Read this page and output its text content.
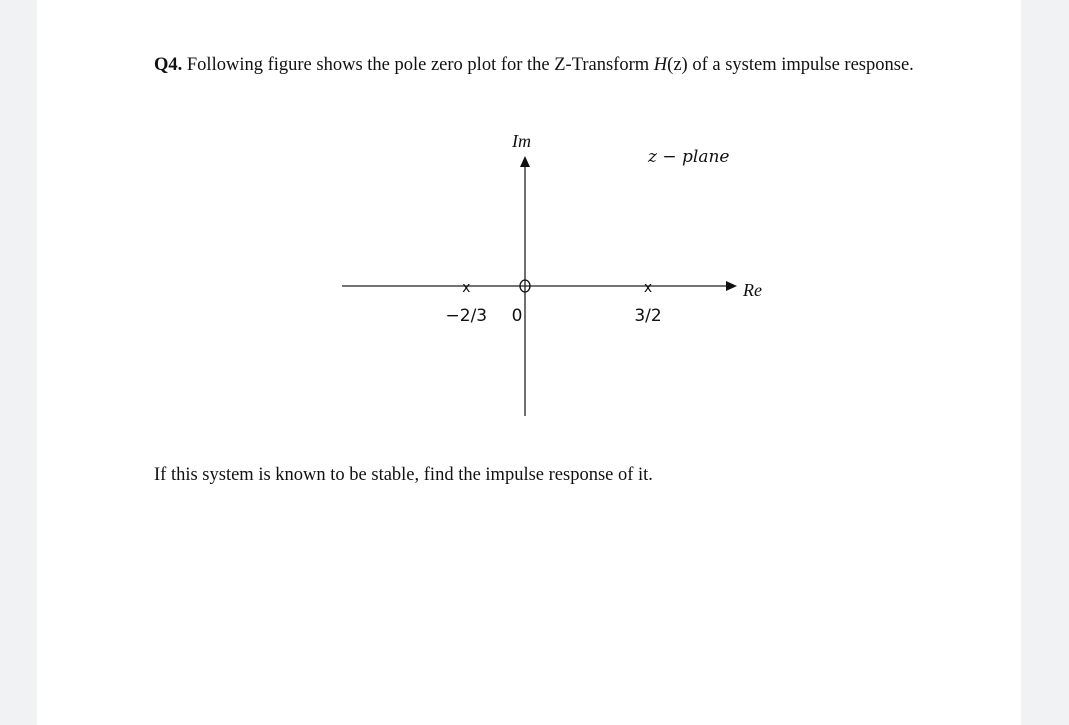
Q4. Following figure shows the pole zero plot for the Z-Transform H(z) of a system impulse response.
Im
Re
z − plane
x
−2/3
x
3/2
0
If this system is known to be stable, find the impulse response of it.
